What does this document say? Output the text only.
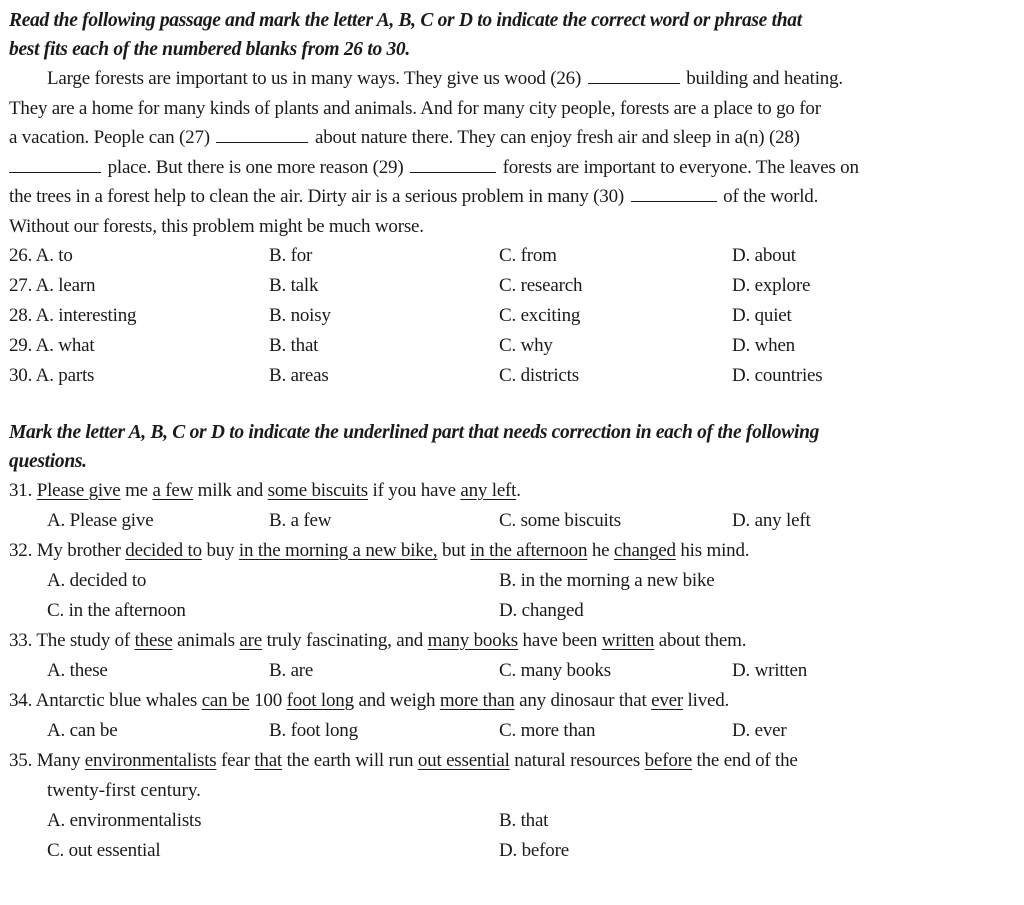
Read the following passage and mark the letter A, B, C or D to indicate the correct word or phrase that
best fits each of the numbered blanks from 26 to 30.

Large forests are important to us in many ways. They give us wood (26)	building and heating.
They are a home for many kinds of plants and animals. And for many city people, forests are a place to go for
a vacation. People can (27)	about nature there. They can enjoy fresh air and sleep in a(n) (28)
place. But there is one more reason (29)	forests are important to everyone. The leaves on
the trees in a forest help to clean the air. Dirty air is a serious problem in many (30)	of the world.
Without our forests, this problem might be much worse.

26. A. to	B. for	C. from	D. about
27. A. learn	B. talk	C. research	D. explore
28. A. interesting	B. noisy	C. exciting	D. quiet
29. A. what	B. that	C. why	D. when
30. A. parts	B. areas	C. districts	D. countries

Mark the letter A, B, C or D to indicate the underlined part that needs correction in each of the following
questions.

31. Please give me a few milk and some biscuits if you have any left.
A. Please give	B. a few	C. some biscuits	D. any left
32. My brother decided to buy in the morning a new bike, but in the afternoon he changed his mind.
A. decided to	B. in the morning a new bike
C. in the afternoon	D. changed
33. The study of these animals are truly fascinating, and many books have been written about them.
A. these	B. are	C. many books	D. written
34. Antarctic blue whales can be 100 foot long and weigh more than any dinosaur that ever lived.
A. can be	B. foot long	C. more than	D. ever
35. Many environmentalists fear that the earth will run out essential natural resources before the end of the
twenty-first century.
A. environmentalists	B. that
C. out essential	D. before
